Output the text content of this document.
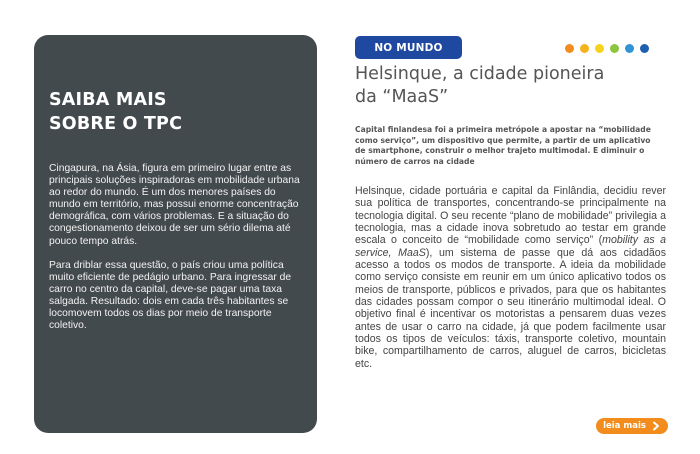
SAIBA MAIS
SOBRE O TPC

Cingapura, na Ásia, figura em primeiro lugar entre as principais soluções inspiradoras em mobilidade urbana ao redor do mundo. É um dos menores países do mundo em território, mas possui enorme concentração demográfica, com vários problemas. E a situação do congestionamento deixou de ser um sério dilema até pouco tempo atrás.

Para driblar essa questão, o país criou uma política muito eficiente de pedágio urbano. Para ingressar de carro no centro da capital, deve-se pagar uma taxa salgada. Resultado: dois em cada três habitantes se locomovem todos os dias por meio de transporte coletivo.

NO MUNDO
Helsinque, a cidade pioneira
da “MaaS”

Capital finlandesa foi a primeira metrópole a apostar na “mobilidade como serviço”, um dispositivo que permite, a partir de um aplicativo de smartphone, construir o melhor trajeto multimodal. E diminuir o número de carros na cidade

Helsinque, cidade portuária e capital da Finlândia, decidiu rever sua política de transportes, concentrando-se principalmente na tecnologia digital. O seu recente “plano de mobilidade” privilegia a tecnologia, mas a cidade inova sobretudo ao testar em grande escala o conceito de “mobilidade como serviço” (mobility as a service, MaaS), um sistema de passe que dá aos cidadãos acesso a todos os modos de transporte. A ideia da mobilidade como serviço consiste em reunir em um único aplicativo todos os meios de transporte, públicos e privados, para que os habitantes das cidades possam compor o seu itinerário multimodal ideal. O objetivo final é incentivar os motoristas a pensarem duas vezes antes de usar o carro na cidade, já que podem facilmente usar todos os tipos de veículos: táxis, transporte coletivo, mountain bike, compartilhamento de carros, aluguel de carros, bicicletas etc.

leia mais
